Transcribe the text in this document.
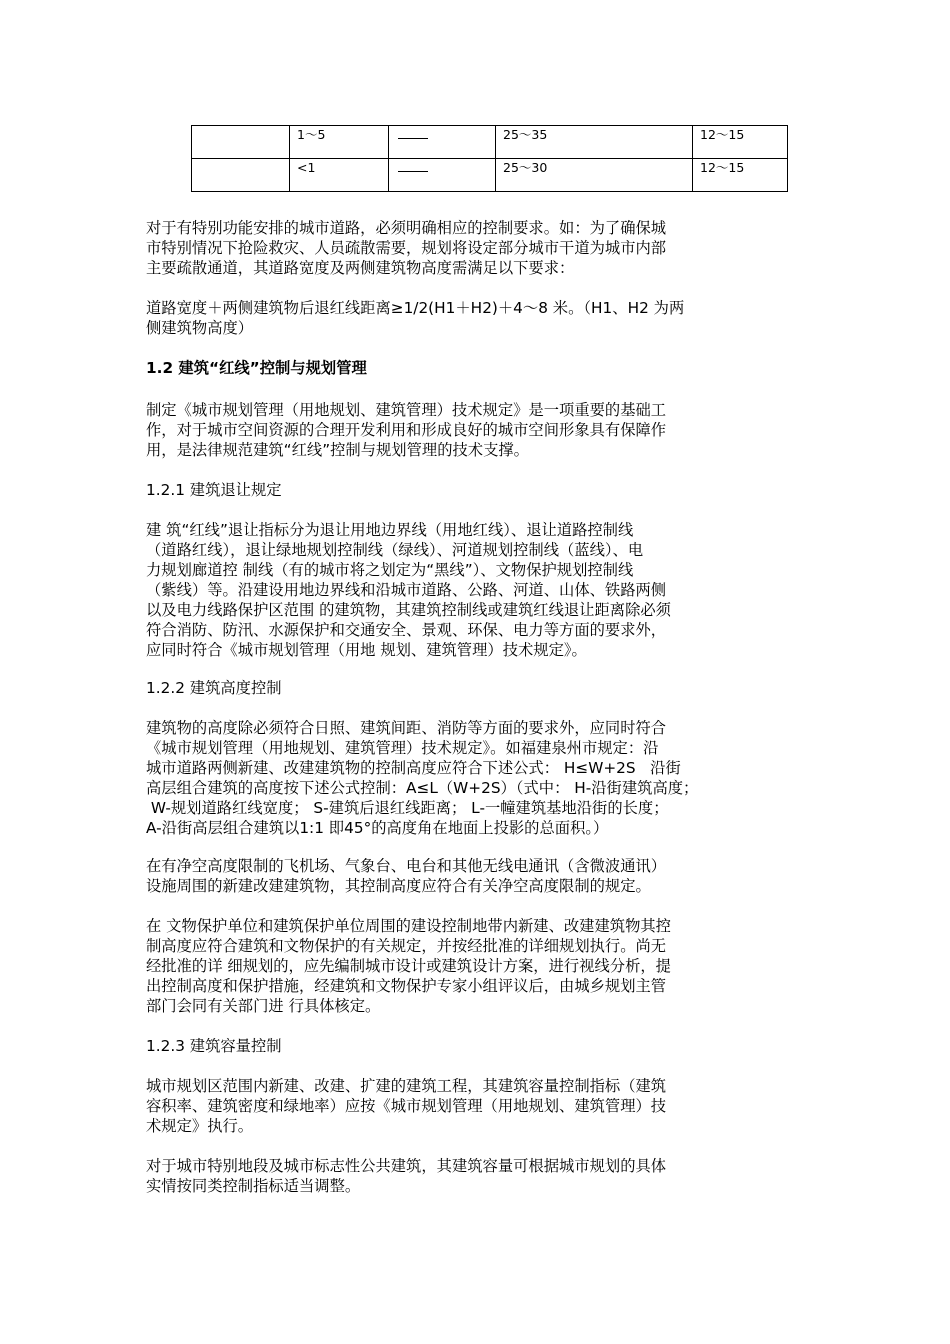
	1～5		25～35	12～15
	<1		25～30	12～15
对于有特别功能安排的城市道路，必须明确相应的控制要求。如：为了确保城
市特别情况下抢险救灾、人员疏散需要，规划将设定部分城市干道为城市内部
主要疏散通道，其道路宽度及两侧建筑物高度需满足以下要求：
道路宽度＋两侧建筑物后退红线距离≥1/2(H1＋H2)＋4～8 米。（H1、H2 为两
侧建筑物高度）
1.2 建筑“红线”控制与规划管理
制定《城市规划管理（用地规划、建筑管理）技术规定》是一项重要的基础工
作，对于城市空间资源的合理开发利用和形成良好的城市空间形象具有保障作
用，是法律规范建筑“红线”控制与规划管理的技术支撑。
1.2.1 建筑退让规定
建 筑“红线”退让指标分为退让用地边界线（用地红线）、退让道路控制线
（道路红线），退让绿地规划控制线（绿线）、河道规划控制线（蓝线）、电
力规划廊道控 制线（有的城市将之划定为“黑线”）、文物保护规划控制线
（紫线）等。沿建设用地边界线和沿城市道路、公路、河道、山体、铁路两侧
以及电力线路保护区范围 的建筑物，其建筑控制线或建筑红线退让距离除必须
符合消防、防汛、水源保护和交通安全、景观、环保、电力等方面的要求外，
应同时符合《城市规划管理（用地 规划、建筑管理）技术规定》。
1.2.2 建筑高度控制
建筑物的高度除必须符合日照、建筑间距、消防等方面的要求外，应同时符合
《城市规划管理（用地规划、建筑管理）技术规定》。如福建泉州市规定：沿
城市道路两侧新建、改建建筑物的控制高度应符合下述公式： H≤W+2S   沿街
高层组合建筑的高度按下述公式控制：A≤L（W+2S）（式中： H-沿街建筑高度；
W-规划道路红线宽度； S-建筑后退红线距离； L-一幢建筑基地沿街的长度；
A-沿街高层组合建筑以1:1 即45°的高度角在地面上投影的总面积。）
在有净空高度限制的飞机场、气象台、电台和其他无线电通讯（含微波通讯）
设施周围的新建改建建筑物，其控制高度应符合有关净空高度限制的规定。
在 文物保护单位和建筑保护单位周围的建设控制地带内新建、改建建筑物其控
制高度应符合建筑和文物保护的有关规定，并按经批准的详细规划执行。尚无
经批准的详 细规划的，应先编制城市设计或建筑设计方案，进行视线分析，提
出控制高度和保护措施，经建筑和文物保护专家小组评议后，由城乡规划主管
部门会同有关部门进 行具体核定。
1.2.3 建筑容量控制
城市规划区范围内新建、改建、扩建的建筑工程，其建筑容量控制指标（建筑
容积率、建筑密度和绿地率）应按《城市规划管理（用地规划、建筑管理）技
术规定》执行。
对于城市特别地段及城市标志性公共建筑，其建筑容量可根据城市规划的具体
实情按同类控制指标适当调整。
